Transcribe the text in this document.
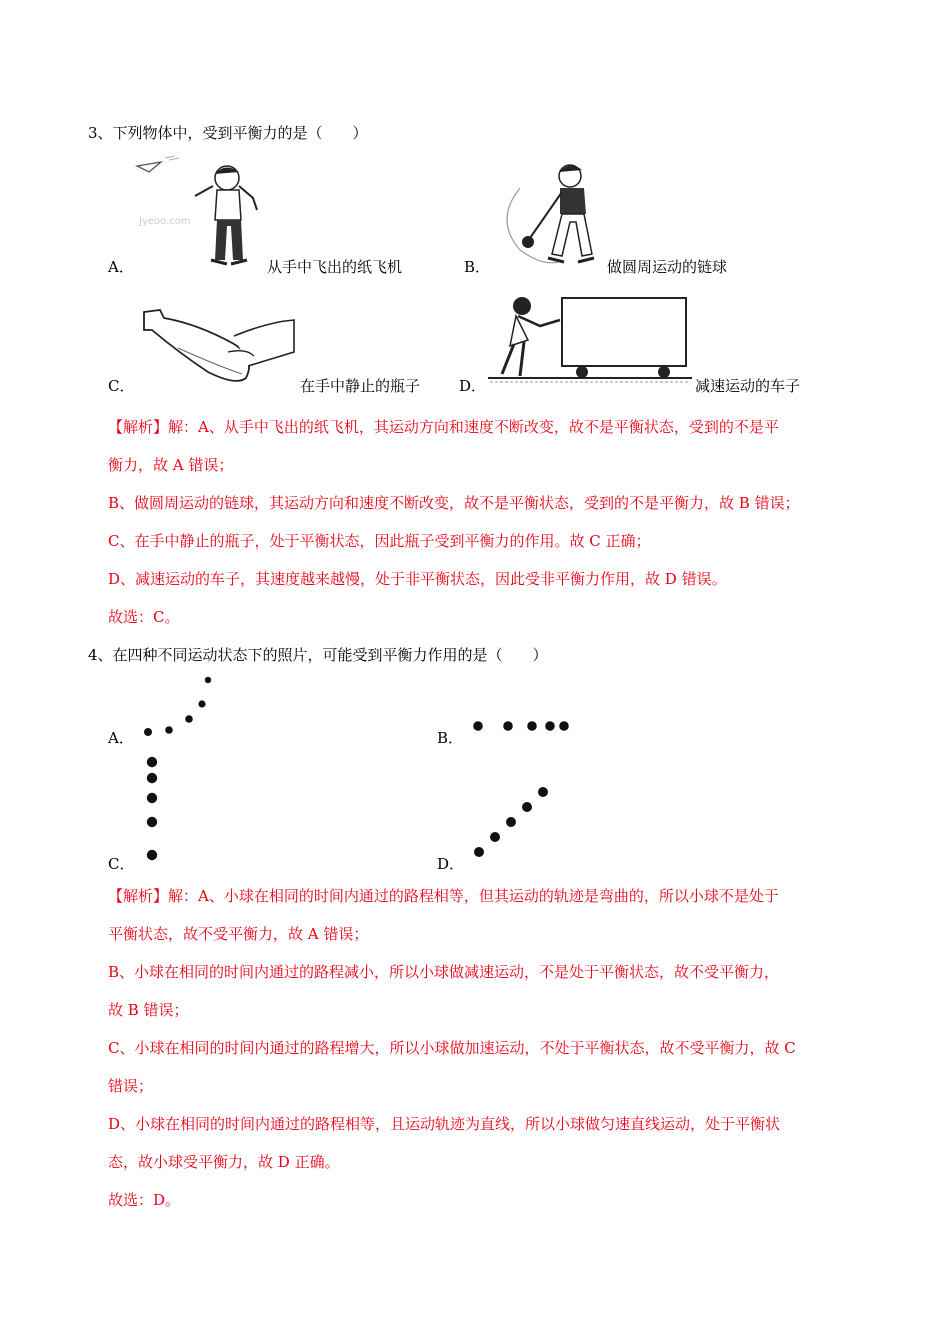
3、下列物体中，受到平衡力的是（　　）
A．
Jyeoo.com
从手中飞出的纸飞机	B．	做圆周运动的链球
C．	在手中静止的瓶子	D．	减速运动的车子
【解析】解：A、从手中飞出的纸飞机，其运动方向和速度不断改变，故不是平衡状态，受到的不是平
衡力，故 A 错误；
B、做圆周运动的链球，其运动方向和速度不断改变，故不是平衡状态，受到的不是平衡力，故 B 错误；
C、在手中静止的瓶子，处于平衡状态，因此瓶子受到平衡力的作用。故 C 正确；
D、减速运动的车子，其速度越来越慢，处于非平衡状态，因此受非平衡力作用，故 D 错误。
故选：C。
4、在四种不同运动状态下的照片，可能受到平衡力作用的是（　　）
A．	B．
C．	D．
【解析】解：A、小球在相同的时间内通过的路程相等，但其运动的轨迹是弯曲的，所以小球不是处于
平衡状态，故不受平衡力，故 A 错误；
B、小球在相同的时间内通过的路程减小，所以小球做减速运动，不是处于平衡状态，故不受平衡力，
故 B 错误；
C、小球在相同的时间内通过的路程增大，所以小球做加速运动，不处于平衡状态，故不受平衡力，故 C
错误；
D、小球在相同的时间内通过的路程相等，且运动轨迹为直线，所以小球做匀速直线运动，处于平衡状
态，故小球受平衡力，故 D 正确。
故选：D。
